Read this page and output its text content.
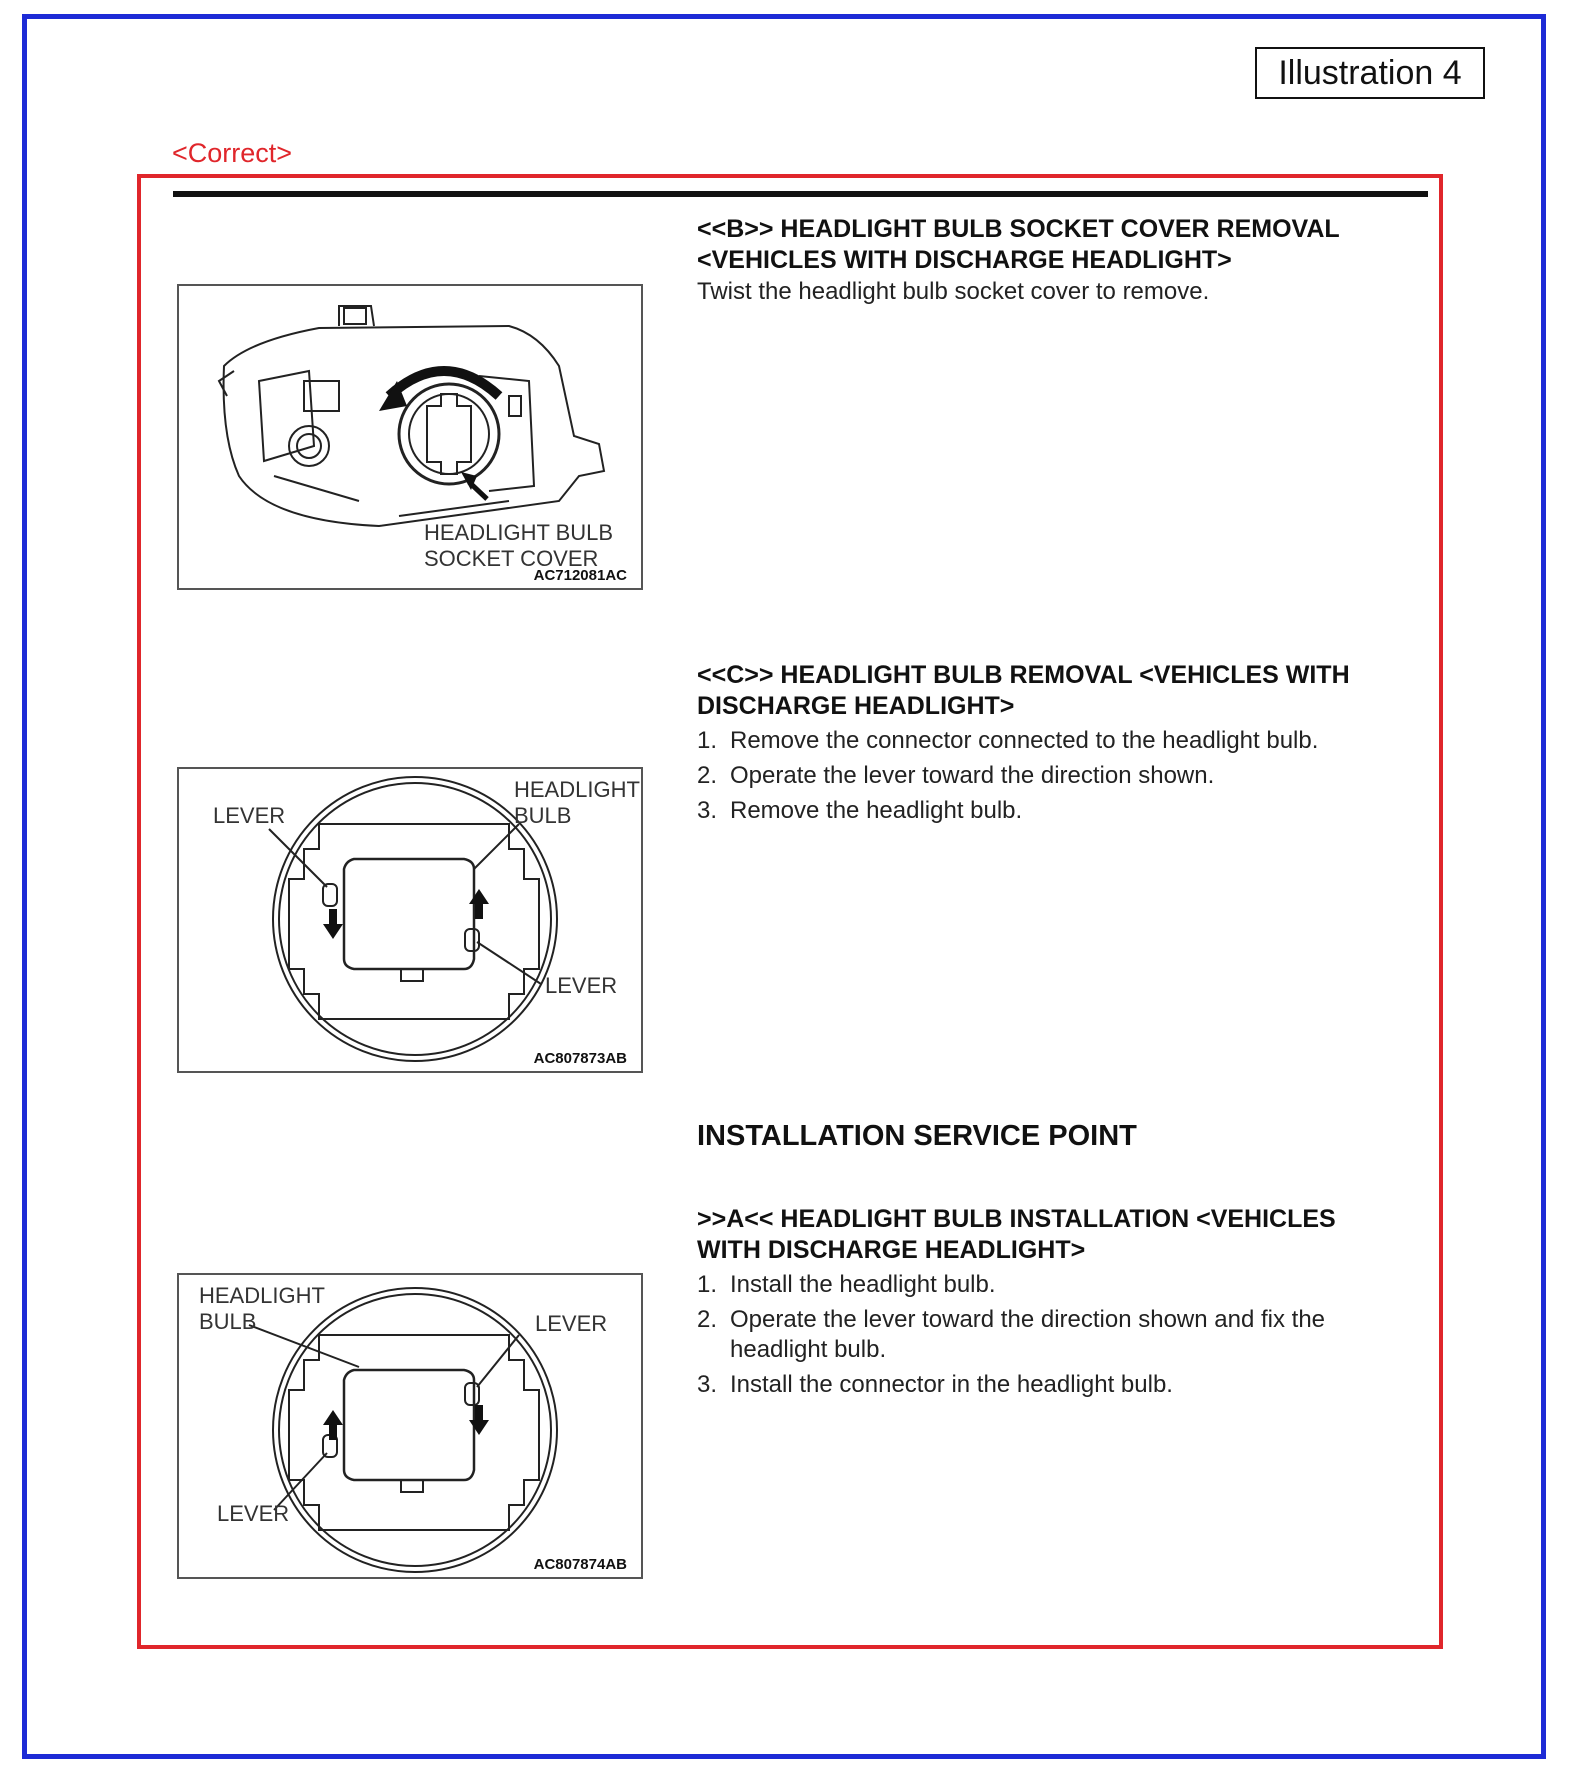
Illustration 4
<Correct>
HEADLIGHT BULB
SOCKET COVER
AC712081AC
LEVER
HEADLIGHT
BULB
LEVER
AC807873AB
INSTALLATION SERVICE POINT
HEADLIGHT
BULB	LEVER
LEVER
AC807874AB

<<B>> HEADLIGHT BULB SOCKET COVER REMOVAL <VEHICLES WITH DISCHARGE HEADLIGHT>

Twist the headlight bulb socket cover to remove.

<<C>> HEADLIGHT BULB REMOVAL <VEHICLES WITH DISCHARGE HEADLIGHT>

1. Remove the connector connected to the headlight bulb.
2. Operate the lever toward the direction shown.
3. Remove the headlight bulb.

>>A<< HEADLIGHT BULB INSTALLATION <VEHICLES WITH DISCHARGE HEADLIGHT>

1. Install the headlight bulb.
2. Operate the lever toward the direction shown and fix the headlight bulb.
3. Install the connector in the headlight bulb.
